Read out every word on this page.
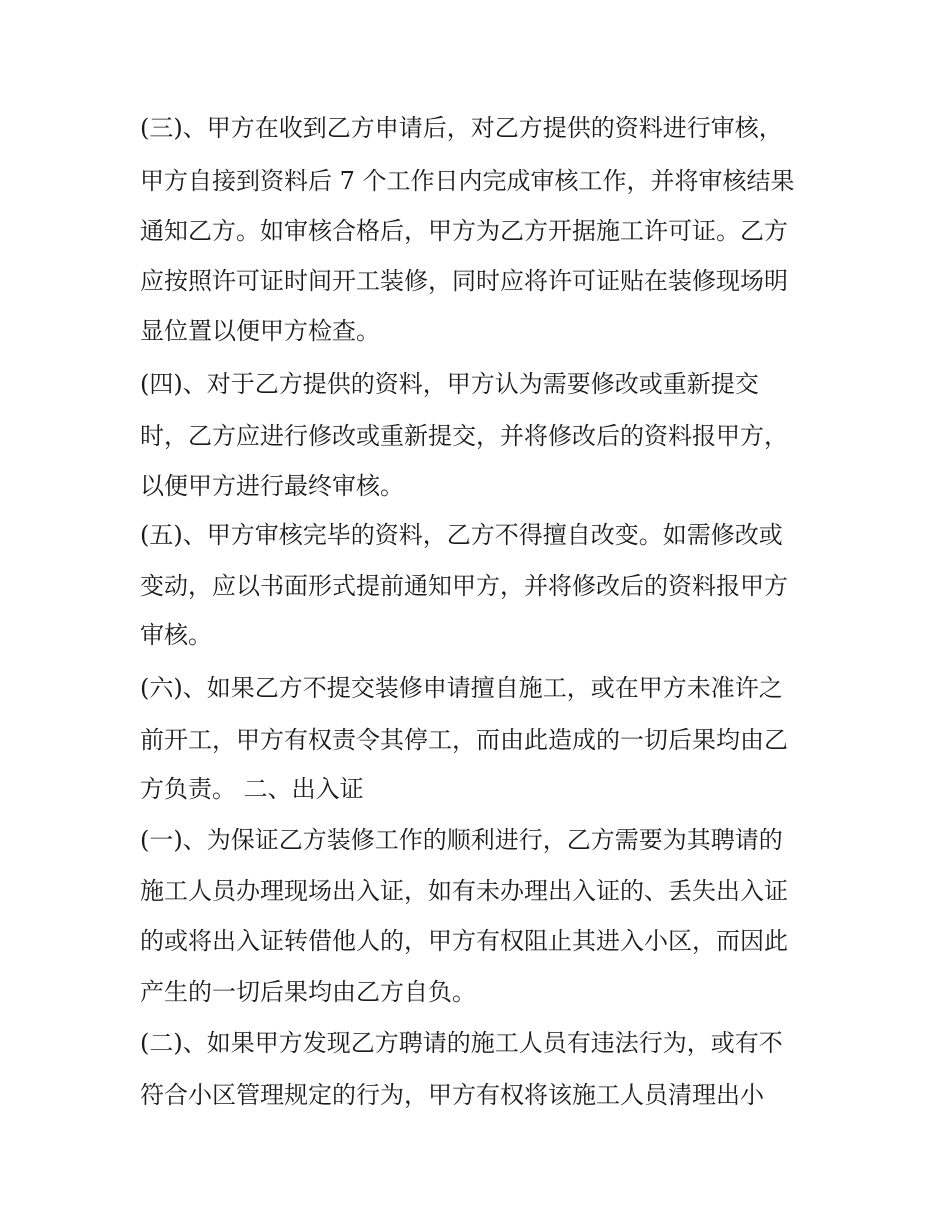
(三)、甲方在收到乙方申请后，对乙方提供的资料进行审核，
甲方自接到资料后 7 个工作日内完成审核工作，并将审核结果
通知乙方。如审核合格后，甲方为乙方开据施工许可证。乙方
应按照许可证时间开工装修，同时应将许可证贴在装修现场明
显位置以便甲方检查。
(四)、对于乙方提供的资料，甲方认为需要修改或重新提交
时，乙方应进行修改或重新提交，并将修改后的资料报甲方，
以便甲方进行最终审核。
(五)、甲方审核完毕的资料，乙方不得擅自改变。如需修改或
变动，应以书面形式提前通知甲方，并将修改后的资料报甲方
审核。
(六)、如果乙方不提交装修申请擅自施工，或在甲方未准许之
前开工，甲方有权责令其停工，而由此造成的一切后果均由乙
方负责。 二、出入证
(一)、为保证乙方装修工作的顺利进行，乙方需要为其聘请的
施工人员办理现场出入证，如有未办理出入证的、丢失出入证
的或将出入证转借他人的，甲方有权阻止其进入小区，而因此
产生的一切后果均由乙方自负。
(二)、如果甲方发现乙方聘请的施工人员有违法行为，或有不
符合小区管理规定的行为，甲方有权将该施工人员清理出小
